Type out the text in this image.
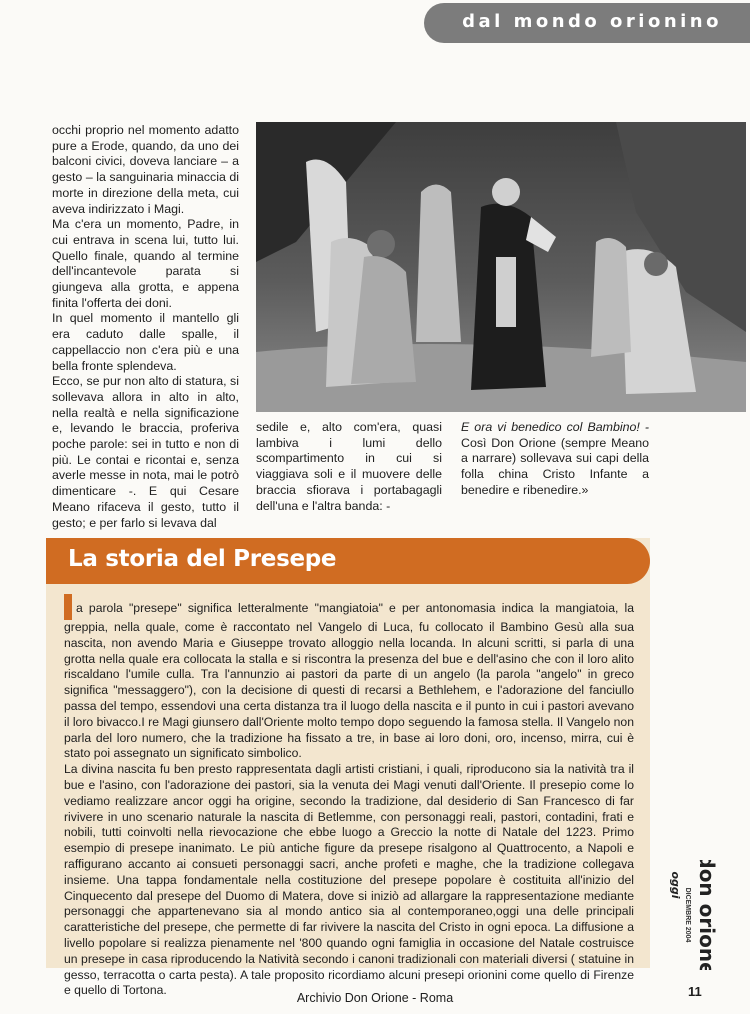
dal mondo orionino

occhi proprio nel momento adatto pure a Erode, quando, da uno dei balconi civici, doveva lanciare – a gesto – la sanguinaria minaccia di morte in direzione della meta, cui aveva indirizzato i Magi.

Ma c'era un momento, Padre, in cui entrava in scena lui, tutto lui. Quello finale, quando al termine dell'incantevole parata si giungeva alla grotta, e appena finita l'offerta dei doni.

In quel momento il mantello gli era caduto dalle spalle, il cappellaccio non c'era più e una bella fronte splendeva.

Ecco, se pur non alto di statura, si sollevava allora in alto in alto, nella realtà e nella significazione e, levando le braccia, proferiva poche parole: sei in tutto e non di più. Le contai e ricontai e, senza averle messe in nota, mai le potrò dimenticare -. E qui Cesare Meano rifaceva il gesto, tutto il gesto; e per farlo si levava dal

sedile e, alto com'era, quasi lambiva i lumi dello scompartimento in cui si viaggiava soli e il muovere delle braccia sfiorava i portabagagli dell'una e l'altra banda: -

E ora vi benedico col Bambino! - Così Don Orione (sempre Meano a narrare) sollevava sui capi della folla china Cristo Infante a benedire e ribenedire.»

La storia del Presepe

a parola "presepe" significa letteralmente "mangiatoia" e per antonomasia indica la mangiatoia, la greppia, nella quale, come è raccontato nel Vangelo di Luca, fu collocato il Bambino Gesù alla sua nascita, non avendo Maria e Giuseppe trovato alloggio nella locanda. In alcuni scritti, si parla di una grotta nella quale era collocata la stalla e si riscontra la presenza del bue e dell'asino che con il loro alito riscaldano l'umile culla. Tra l'annunzio ai pastori da parte di un angelo (la parola "angelo" in greco significa "messaggero"), con la decisione di questi di recarsi a Bethlehem, e l'adorazione del fanciullo passa del tempo, essendovi una certa distanza tra il luogo della nascita e il punto in cui i pastori avevano il loro bivacco.I re Magi giunsero dall'Oriente molto tempo dopo seguendo la famosa stella. Il Vangelo non parla del loro numero, che la tradizione ha fissato a tre, in base ai loro doni, oro, incenso, mirra, cui è stato poi assegnato un significato simbolico.

La divina nascita fu ben presto rappresentata dagli artisti cristiani, i quali, riproducono sia la natività tra il bue e l'asino, con l'adorazione dei pastori, sia la venuta dei Magi venuti dall'Oriente. Il presepio come lo vediamo realizzare ancor oggi ha origine, secondo la tradizione, dal desiderio di San Francesco di far rivivere in uno scenario naturale la nascita di Betlemme, con personaggi reali, pastori, contadini, frati e nobili, tutti coinvolti nella rievocazione che ebbe luogo a Greccio la notte di Natale del 1223. Primo esempio di presepe inanimato. Le più antiche figure da presepe risalgono al Quattrocento, a Napoli e raffigurano accanto ai consueti personaggi sacri, anche profeti e maghe, che la tradizione collegava insieme. Una tappa fondamentale nella costituzione del presepe popolare è costituita all'inizio del Cinquecento dal presepe del Duomo di Matera, dove si iniziò ad allargare la rappresentazione mediante personaggi che appartenevano sia al mondo antico sia al contemporaneo,oggi una delle principali caratteristiche del presepe, che permette di far rivivere la nascita del Cristo in ogni epoca. La diffusione a livello popolare si realizza pienamente nel '800 quando ogni famiglia in occasione del Natale costruisce un presepe in casa riproducendo la Natività secondo i canoni tradizionali con materiali diversi ( statuine in gesso, terracotta o carta pesta). A tale proposito ricordiamo alcuni presepi orionini come quello di Firenze e quello di Tortona.

don orione
DICEMBRE 2004
oggi
11
Archivio Don Orione - Roma
